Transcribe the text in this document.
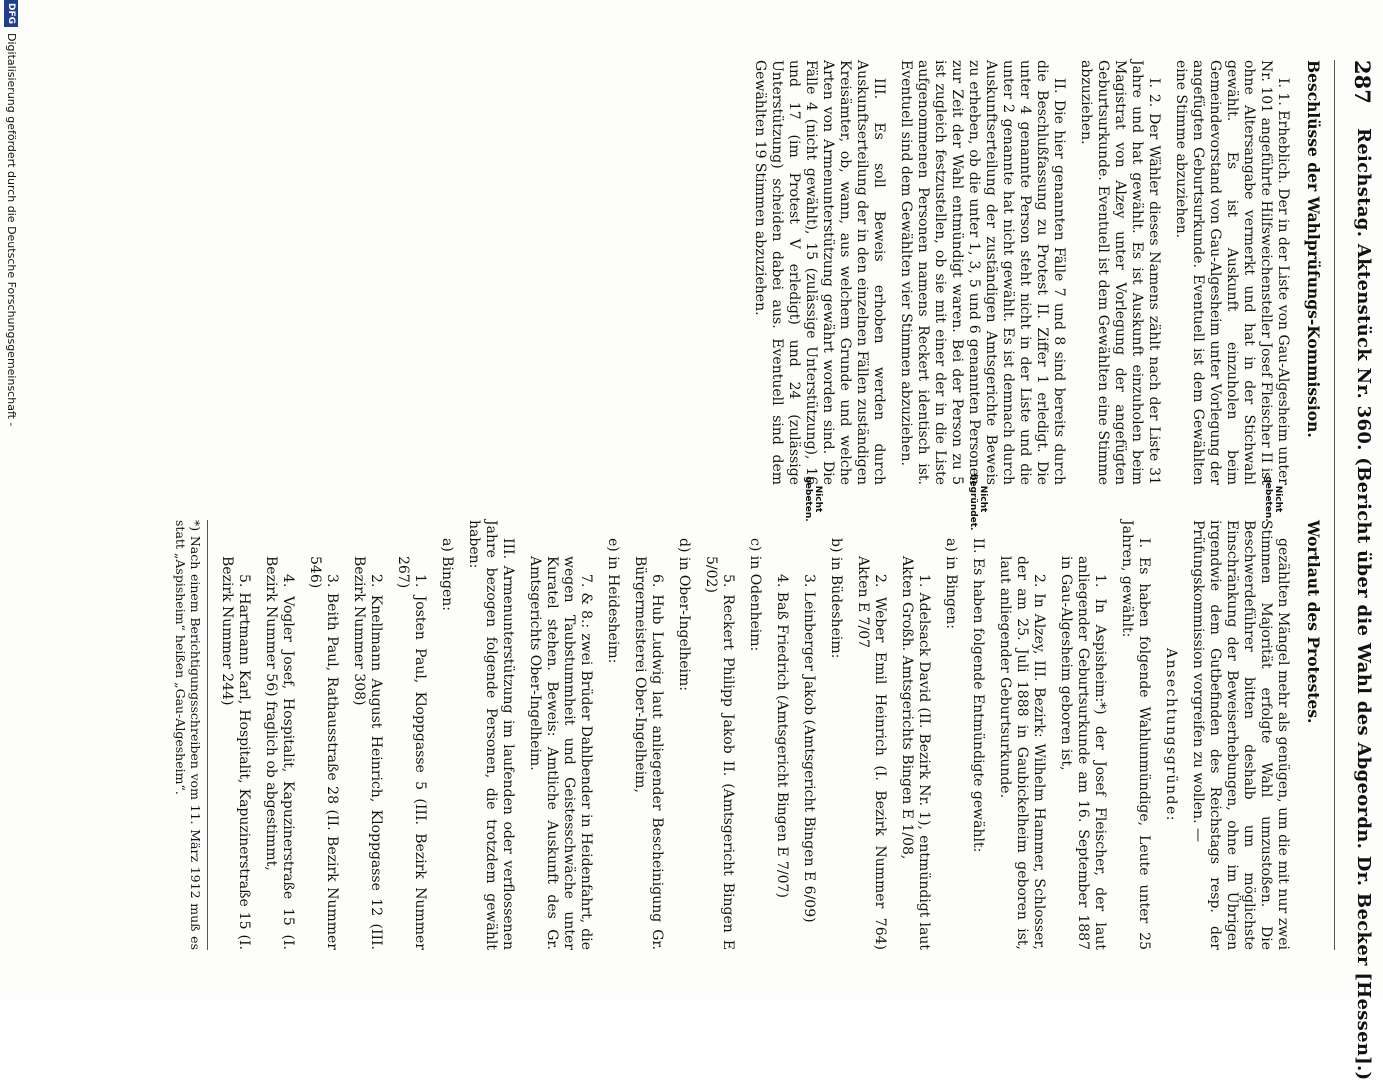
287
Reichstag. Aktenstück Nr. 360. (Bericht über die Wahl des Abgeordn. Dr. Becker [Hessen].)
Beschlüsse der Wahlprüfungs-Kommission.
Wortlaut des Protestes.

I. 1. Erheblich. Der in der Liste von Gau-Algesheim unter Nr. 101 angeführte Hilfsweichensteller Josef Fleischer II ist ohne Altersangabe vermerkt und hat in der Stichwahl gewählt. Es ist Auskunft einzuholen beim Gemeindevorstand von Gau-Algesheim unter Vorlegung der angefügten Geburtsurkunde. Eventuell ist dem Gewählten eine Stimme abzuziehen.

I. 2. Der Wähler dieses Namens zählt nach der Liste 31 Jahre und hat gewählt. Es ist Auskunft einzuholen beim Magistrat von Alzey unter Vorlegung der angefügten Geburtsurkunde. Eventuell ist dem Gewählten eine Stimme abzuziehen.

II. Die hier genannten Fälle 7 und 8 sind bereits durch die Beschlußfassung zu Protest II. Ziffer 1 erledigt. Die unter 4 genannte Person steht nicht in der Liste und die unter 2 genannte hat nicht gewählt. Es ist demnach durch Auskunftserteilung der zuständigen Amtsgerichte Beweis zu erheben, ob die unter 1, 3, 5 und 6 genannten Personen zur Zeit der Wahl entmündigt waren. Bei der Person zu 5 ist zugleich festzustellen, ob sie mit einer der in die Liste aufgenommenen Personen namens Reckert identisch ist. Eventuell sind dem Gewählten vier Stimmen abzuziehen.

III. Es soll Beweis erhoben werden durch Auskunftserteilung der in den einzelnen Fällen zuständigen Kreisämter, ob, wann, aus welchem Grunde und welche Arten von Armenunterstützung gewährt worden sind. Die Fälle 4 (nicht gewählt), 15 (zulässige Unterstützung), 16 und 17 (im Protest V erledigt) und 24 (zulässige Unterstützung) scheiden dabei aus. Eventuell sind dem Gewählten 19 Stimmen abzuziehen.

gezählten Mängel mehr als genügen, um die mit nur zwei Stimmen Majorität erfolgte Wahl umzustoßen. Die Beschwerdeführer bitten deshalb um möglichste Einschränkung der Beweiserhebungen, ohne im Übrigen irgendwie dem Gutbefinden des Reichstags resp. der Prüfungskommission vorgreifen zu wollen. —

Ansechtungsgründe:

I. Es haben folgende Wahlunmündige, Leute unter 25 Jahren, gewählt:

1. In Aspisheim:*) der Josef Fleischer, der laut anliegender Geburtsurkunde am 16. September 1887 in Gau-Algesheim geboren ist,

2. In Alzey, III. Bezirk: Wilhelm Hammer, Schlosser, der am 25. Juli 1888 in Gaubickelheim geboren ist, laut anliegender Geburtsurkunde.

II. Es haben folgende Entmündigte gewählt:

a) in Bingen:

1. Adelsack David (II. Bezirk Nr. 1), entmündigt laut Akten Großh. Amtsgerichts Bingen E 1/08,

2. Weber Emil Heinrich (I. Bezirk Nummer 764) Akten E 7/07

b) in Büdesheim:

3. Leinberger Jakob (Amtsgericht Bingen E 6/09)

4. Baß Friedrich (Amtsgericht Bingen E 7/07)

c) in Odenheim:

5. Reckert Philipp Jakob II. (Amtsgericht Bingen E 5/02)

d) in Ober-Ingelheim:

6. Hub Ludwig laut anliegender Bescheinigung Gr. Bürgermeisterei Ober-Ingelheim,

e) in Heidesheim:

7. & 8.: zwei Brüder Dahlbender in Heidenfahrt, die wegen Taubstummheit und Geistesschwäche unter Kuratel stehen. Beweis: Amtliche Auskunft des Gr. Amtsgerichts Ober-Ingelheim.

III. Armenunterstützung im laufenden oder verflossenen Jahre bezogen folgende Personen, die trotzdem gewählt haben:

a) Bingen:

1. Josten Paul, Kloppgasse 5 (III. Bezirk Nummer 267)

2. Knellmann August Heinrich, Kloppgasse 12 (III. Bezirk Nummer 308)

3. Beith Paul, Rathausstraße 28 (II. Bezirk Nummer 546)

4. Vogler Josef, Hospitalit, Kapuzinerstraße 15 (I. Bezirk Nummer 56) fraglich ob abgestimmt,

5. Hartmann Karl, Hospitalit, Kapuzinerstraße 15 (I. Bezirk Nummer 244)

*) Nach einem Berichtigungsschreiben vom 11. März 1912 muß es statt „Aspisheim“ heißen „Gau-Algesheim“.
Nicht gebeten.
Nicht begründet.
Nicht gebeten.
DFGDigitalisierung gefördert durch die Deutsche Forschungsgemeinschaft -
